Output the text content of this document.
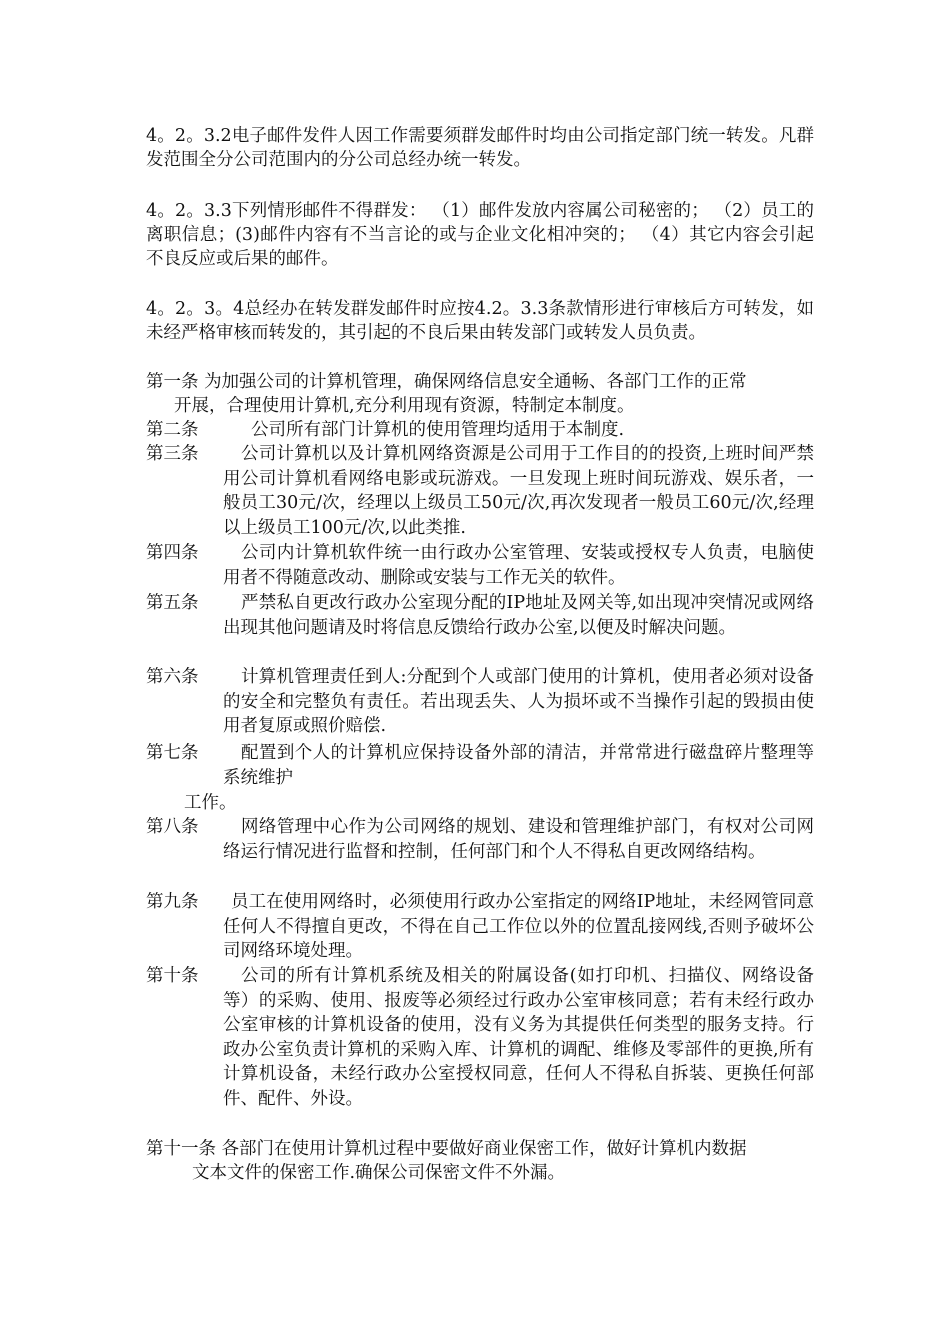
4。2。3.2电子邮件发件人因工作需要须群发邮件时均由公司指定部门统一转发。凡群发范围全分公司范围内的分公司总经办统一转发。

4。2。3.3下列情形邮件不得群发： （1）邮件发放内容属公司秘密的； （2）员工的离职信息；(3)邮件内容有不当言论的或与企业文化相冲突的； （4）其它内容会引起不良反应或后果的邮件。

4。2。3。4总经办在转发群发邮件时应按4.2。3.3条款情形进行审核后方可转发，如未经严格审核而转发的，其引起的不良后果由转发部门或转发人员负责。

第一条 为加强公司的计算机管理，确保网络信息安全通畅、各部门工作的正常
开展，合理使用计算机,充分利用现有资源，特制定本制度。
第二条	公司所有部门计算机的使用管理均适用于本制度.
第三条	公司计算机以及计算机网络资源是公司用于工作目的的投资,上班时间严禁用公司计算机看网络电影或玩游戏。一旦发现上班时间玩游戏、娱乐者，一般员工30元/次，经理以上级员工50元/次,再次发现者一般员工60元/次,经理以上级员工100元/次,以此类推.
第四条	公司内计算机软件统一由行政办公室管理、安装或授权专人负责，电脑使用者不得随意改动、删除或安装与工作无关的软件。
第五条	严禁私自更改行政办公室现分配的IP地址及网关等,如出现冲突情况或网络出现其他问题请及时将信息反馈给行政办公室,以便及时解决问题。
第六条	计算机管理责任到人:分配到个人或部门使用的计算机，使用者必须对设备的安全和完整负有责任。若出现丢失、人为损坏或不当操作引起的毁损由使用者复原或照价赔偿.
第七条	配置到个人的计算机应保持设备外部的清洁，并常常进行磁盘碎片整理等系统维护
工作。
第八条	网络管理中心作为公司网络的规划、建设和管理维护部门，有权对公司网络运行情况进行监督和控制，任何部门和个人不得私自更改网络结构。
第九条	员工在使用网络时，必须使用行政办公室指定的网络IP地址，未经网管同意任何人不得擅自更改，不得在自己工作位以外的位置乱接网线,否则予破坏公司网络环境处理。
第十条	公司的所有计算机系统及相关的附属设备(如打印机、扫描仪、网络设备等）的采购、使用、报废等必须经过行政办公室审核同意；若有未经行政办公室审核的计算机设备的使用，没有义务为其提供任何类型的服务支持。行政办公室负责计算机的采购入库、计算机的调配、维修及零部件的更换,所有计算机设备，未经行政办公室授权同意，任何人不得私自拆装、更换任何部件、配件、外设。
第十一条 各部门在使用计算机过程中要做好商业保密工作，做好计算机内数据
文本文件的保密工作.确保公司保密文件不外漏。
